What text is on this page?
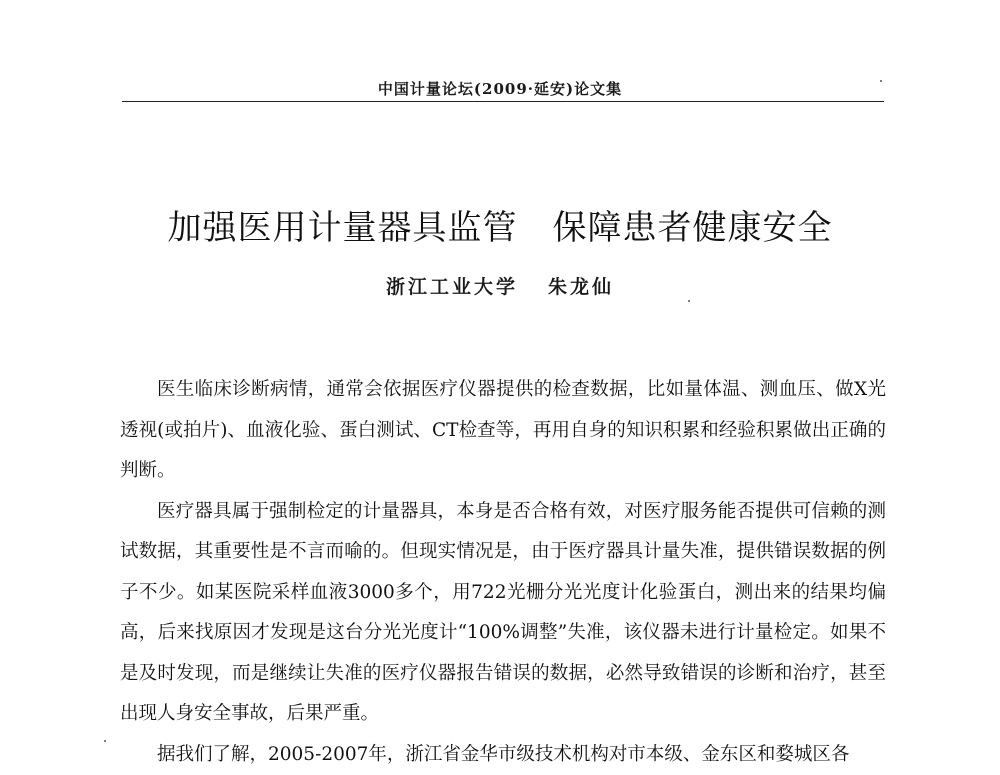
中国计量论坛(2009·延安)论文集
加强医用计量器具监管　保障患者健康安全
浙江工业大学 朱龙仙

医生临床诊断病情，通常会依据医疗仪器提供的检查数据，比如量体温、测血压、做X光透视(或拍片)、血液化验、蛋白测试、CT检查等，再用自身的知识积累和经验积累做出正确的判断。

医疗器具属于强制检定的计量器具，本身是否合格有效，对医疗服务能否提供可信赖的测试数据，其重要性是不言而喻的。但现实情况是，由于医疗器具计量失准，提供错误数据的例子不少。如某医院采样血液3000多个，用722光栅分光光度计化验蛋白，测出来的结果均偏高，后来找原因才发现是这台分光光度计“100%调整”失准，该仪器未进行计量检定。如果不是及时发现，而是继续让失准的医疗仪器报告错误的数据，必然导致错误的诊断和治疗，甚至出现人身安全事故，后果严重。

据我们了解，2005-2007年，浙江省金华市级技术机构对市本级、金东区和婺城区各
